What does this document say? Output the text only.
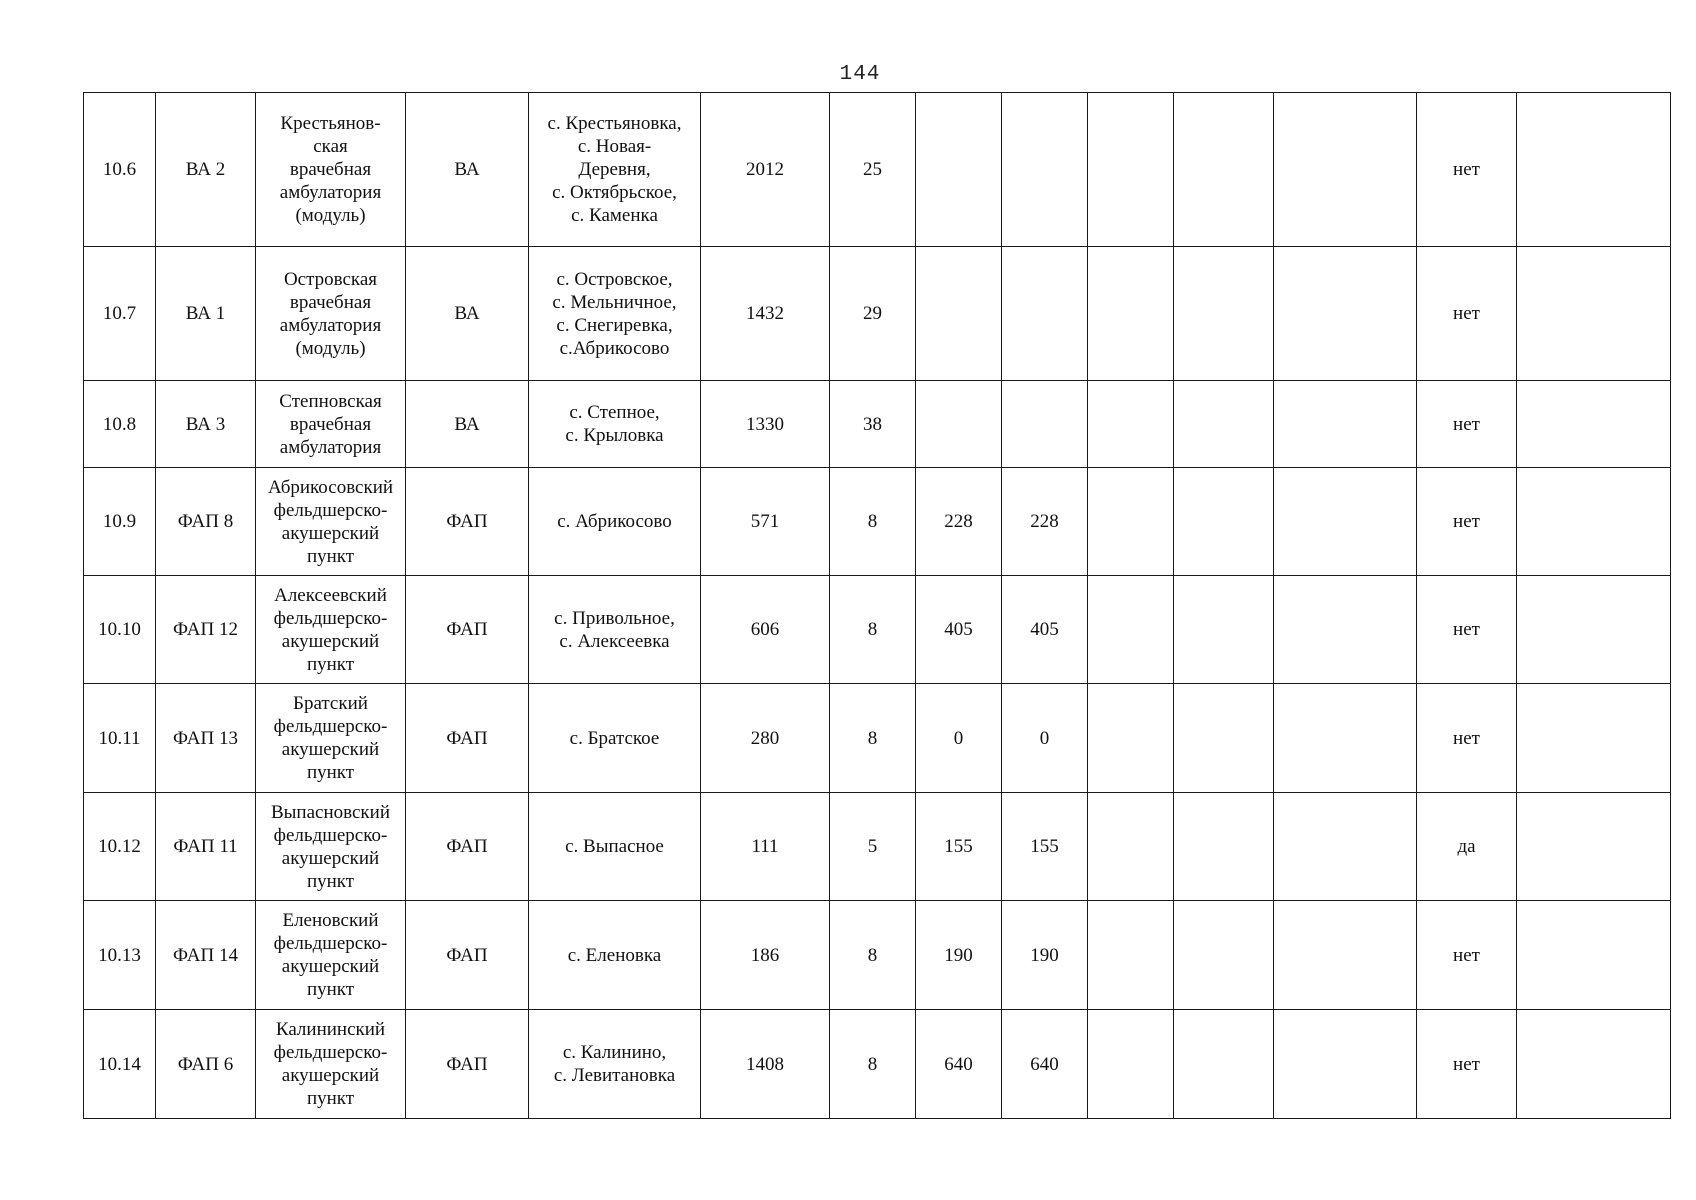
144
10.6	ВА 2	Крестьянов-
ская
врачебная
амбулатория
(модуль)	ВА	с. Крестьяновка,
с. Новая-
Деревня,
с. Октябрьское,
с. Каменка	2012	25						нет	
10.7	ВА 1	Островская
врачебная
амбулатория
(модуль)	ВА	с. Островское,
с. Мельничное,
с. Снегиревка,
с.Абрикосово	1432	29						нет	
10.8	ВА 3	Степновская
врачебная
амбулатория	ВА	с. Степное,
с. Крыловка	1330	38						нет	
10.9	ФАП 8	Абрикосовский
фельдшерско-
акушерский
пункт	ФАП	с. Абрикосово	571	8	228	228				нет	
10.10	ФАП 12	Алексеевский
фельдшерско-
акушерский
пункт	ФАП	с. Привольное,
с. Алексеевка	606	8	405	405				нет	
10.11	ФАП 13	Братский
фельдшерско-
акушерский
пункт	ФАП	с. Братское	280	8	0	0				нет	
10.12	ФАП 11	Выпасновский
фельдшерско-
акушерский
пункт	ФАП	с. Выпасное	111	5	155	155				да	
10.13	ФАП 14	Еленовский
фельдшерско-
акушерский
пункт	ФАП	с. Еленовка	186	8	190	190				нет	
10.14	ФАП 6	Калининский
фельдшерско-
акушерский
пункт	ФАП	с. Калинино,
с. Левитановка	1408	8	640	640				нет	
